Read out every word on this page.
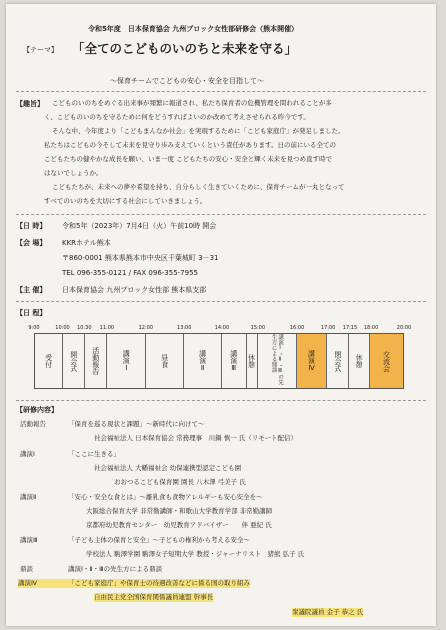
令和5年度　日本保育協会 九州ブロック女性部研修会（熊本開催）
【テーマ】 「全てのこどものいのちと未来を守る」
～保育チームでこどもの安心・安全を目指して～
【趣旨】 こどものいのちをめぐる出来事が頻繁に報道され、私たち保育者の危機管理を問われることが多
く、こどものいのちを守るために何をどうすればよいのか改めて考えさせられる昨今です。
そんな中、今年度より「こどもまんなか社会」を実現するために「こども家庭庁」が発足しました。
私たちはこどもの今そして未来を見守り歩み支えていくという責任があります。日の前にいる全ての
こどもたちの健やかな成長を願い、いま一度 こどもたちの安心・安全と輝く未来を見つめ直す時で
はないでしょうか。
こどもたちが、未来への夢や希望を持ち、自分らしく生きていくために、保育チームが一丸となって
すべてのいのちを大切にする社会にしていきましょう。
【日 時】 令和5年（2023年）7月4日（火）午前10時 開会
【会 場】 KKRホテル熊本
〒860-0001 熊本県熊本市中央区千葉城町 3－31
TEL 096-355-0121 / FAX 096-355-7955
【主 催】 日本保育協会 九州ブロック女性部 熊本県支部
【日 程】
9:00	10:00 10:30 11:00	12:00	13:00	14:00	15:00	16:00	17:00 17:15 18:00	20:00
受付	開会式	活動報告	講演Ⅰ	昼食	講演Ⅱ	講演Ⅲ	休憩	講演Ⅰ・Ⅱ・Ⅲの先生方による鼎談	講演Ⅳ	閉会式	休憩	交流会
【研修内容】
活動報告	「保育を巡る現状と課題」～新時代に向けて～
社会福祉法人 日本保育協会 常務理事　川鍋 慎一 氏（リモート配信）
講演Ⅰ	「ここに生きる」
社会福祉法人 大幡福祉会 幼保連携型認定こども園
おおつるこども保育園 園長 八木澤 弓美子 氏
講演Ⅱ	「安心・安全な食とは」～離乳食も食物アレルギーも安心安全を～
大阪総合保育大学 非常勤講師・和歌山大学教育学部 非常勤講師
京都府幼児教育センター　幼児教育アドバイザー　　伴 亜紀 氏
講演Ⅲ	「子ども主体の保育と安全」～子どもの権利から考える安全～
学校法人 駒澤学園 駒澤女子短期大学 教授・ジャーナリスト　猪熊 弘子 氏
鼎談	講演Ⅰ・Ⅱ・Ⅲの先生方による鼎談
講演Ⅳ	「こども家庭庁」や保育士の待遇改善などに係る国の取り組み
自由民主党全国保育関係議員連盟 幹事長
衆議院議員 金子 恭之 氏
